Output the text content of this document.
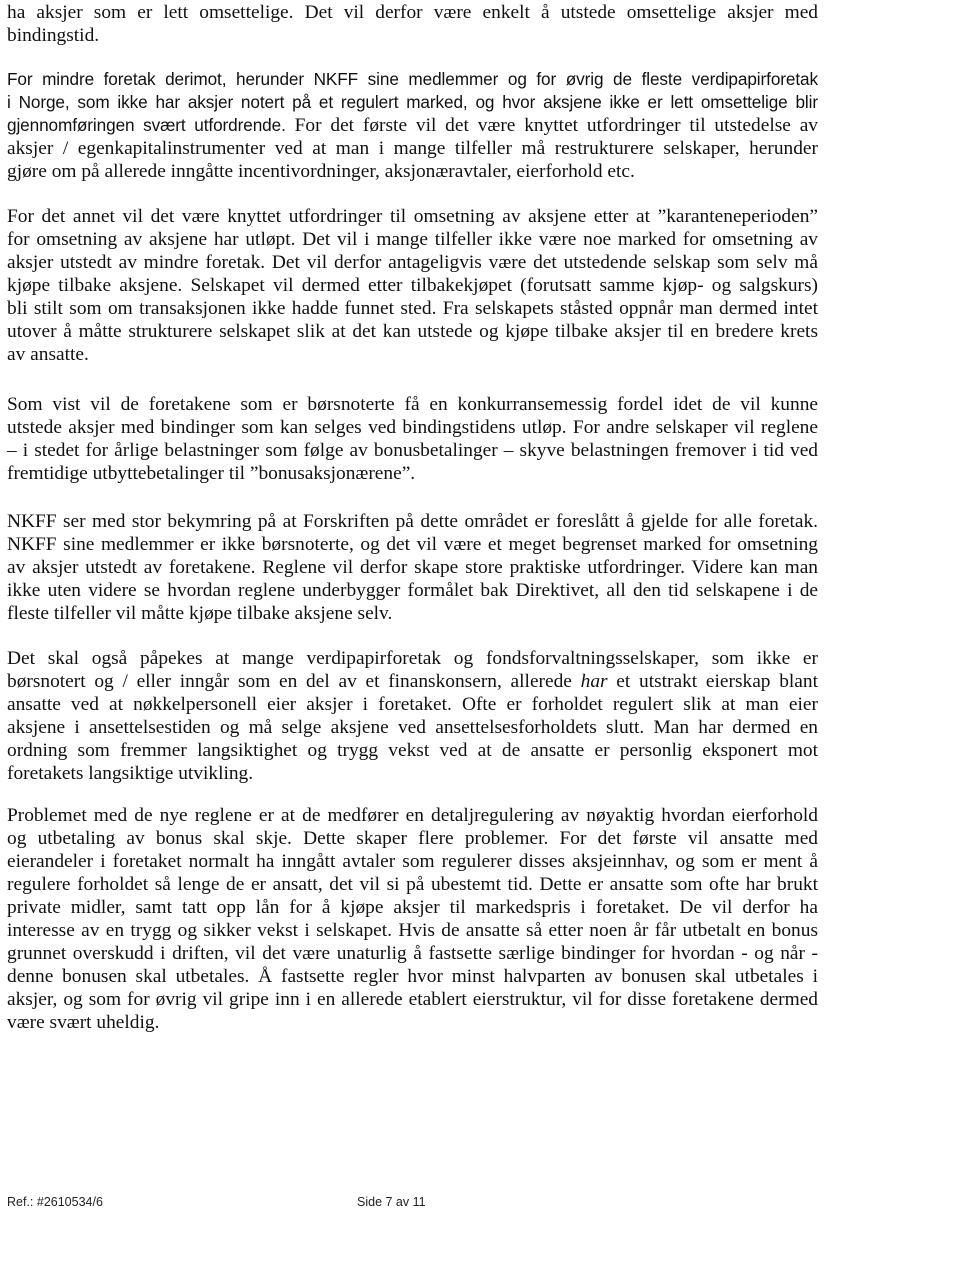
ha aksjer som er lett omsettelige. Det vil derfor være enkelt å utstede omsettelige aksjer med
bindingstid.
For mindre foretak derimot, herunder NKFF sine medlemmer og for øvrig de fleste verdipapirforetak
i Norge, som ikke har aksjer notert på et regulert marked, og hvor aksjene ikke er lett omsettelige blir
gjennomføringen svært utfordrende. For det første vil det være knyttet utfordringer til utstedelse av
aksjer / egenkapitalinstrumenter ved at man i mange tilfeller må restrukturere selskaper, herunder
gjøre om på allerede inngåtte incentivordninger, aksjonæravtaler, eierforhold etc.
For det annet vil det være knyttet utfordringer til omsetning av aksjene etter at ”karanteneperioden”
for omsetning av aksjene har utløpt. Det vil i mange tilfeller ikke være noe marked for omsetning av
aksjer utstedt av mindre foretak. Det vil derfor antageligvis være det utstedende selskap som selv må
kjøpe tilbake aksjene. Selskapet vil dermed etter tilbakekjøpet (forutsatt samme kjøp- og salgskurs)
bli stilt som om transaksjonen ikke hadde funnet sted. Fra selskapets ståsted oppnår man dermed intet
utover å måtte strukturere selskapet slik at det kan utstede og kjøpe tilbake aksjer til en bredere krets
av ansatte.
Som vist vil de foretakene som er børsnoterte få en konkurransemessig fordel idet de vil kunne
utstede aksjer med bindinger som kan selges ved bindingstidens utløp. For andre selskaper vil reglene
– i stedet for årlige belastninger som følge av bonusbetalinger – skyve belastningen fremover i tid ved
fremtidige utbyttebetalinger til ”bonusaksjonærene”.
NKFF ser med stor bekymring på at Forskriften på dette området er foreslått å gjelde for alle foretak.
NKFF sine medlemmer er ikke børsnoterte, og det vil være et meget begrenset marked for omsetning
av aksjer utstedt av foretakene. Reglene vil derfor skape store praktiske utfordringer. Videre kan man
ikke uten videre se hvordan reglene underbygger formålet bak Direktivet, all den tid selskapene i de
fleste tilfeller vil måtte kjøpe tilbake aksjene selv.
Det skal også påpekes at mange verdipapirforetak og fondsforvaltningsselskaper, som ikke er
børsnotert og / eller inngår som en del av et finanskonsern, allerede har et utstrakt eierskap blant
ansatte ved at nøkkelpersonell eier aksjer i foretaket. Ofte er forholdet regulert slik at man eier
aksjene i ansettelsestiden og må selge aksjene ved ansettelsesforholdets slutt. Man har dermed en
ordning som fremmer langsiktighet og trygg vekst ved at de ansatte er personlig eksponert mot
foretakets langsiktige utvikling.
Problemet med de nye reglene er at de medfører en detaljregulering av nøyaktig hvordan eierforhold
og utbetaling av bonus skal skje. Dette skaper flere problemer. For det første vil ansatte med
eierandeler i foretaket normalt ha inngått avtaler som regulerer disses aksjeinnhav, og som er ment å
regulere forholdet så lenge de er ansatt, det vil si på ubestemt tid. Dette er ansatte som ofte har brukt
private midler, samt tatt opp lån for å kjøpe aksjer til markedspris i foretaket. De vil derfor ha
interesse av en trygg og sikker vekst i selskapet. Hvis de ansatte så etter noen år får utbetalt en bonus
grunnet overskudd i driften, vil det være unaturlig å fastsette særlige bindinger for hvordan - og når -
denne bonusen skal utbetales. Å fastsette regler hvor minst halvparten av bonusen skal utbetales i
aksjer, og som for øvrig vil gripe inn i en allerede etablert eierstruktur, vil for disse foretakene dermed
være svært uheldig.
Ref.: #2610534/6	Side 7 av 11
